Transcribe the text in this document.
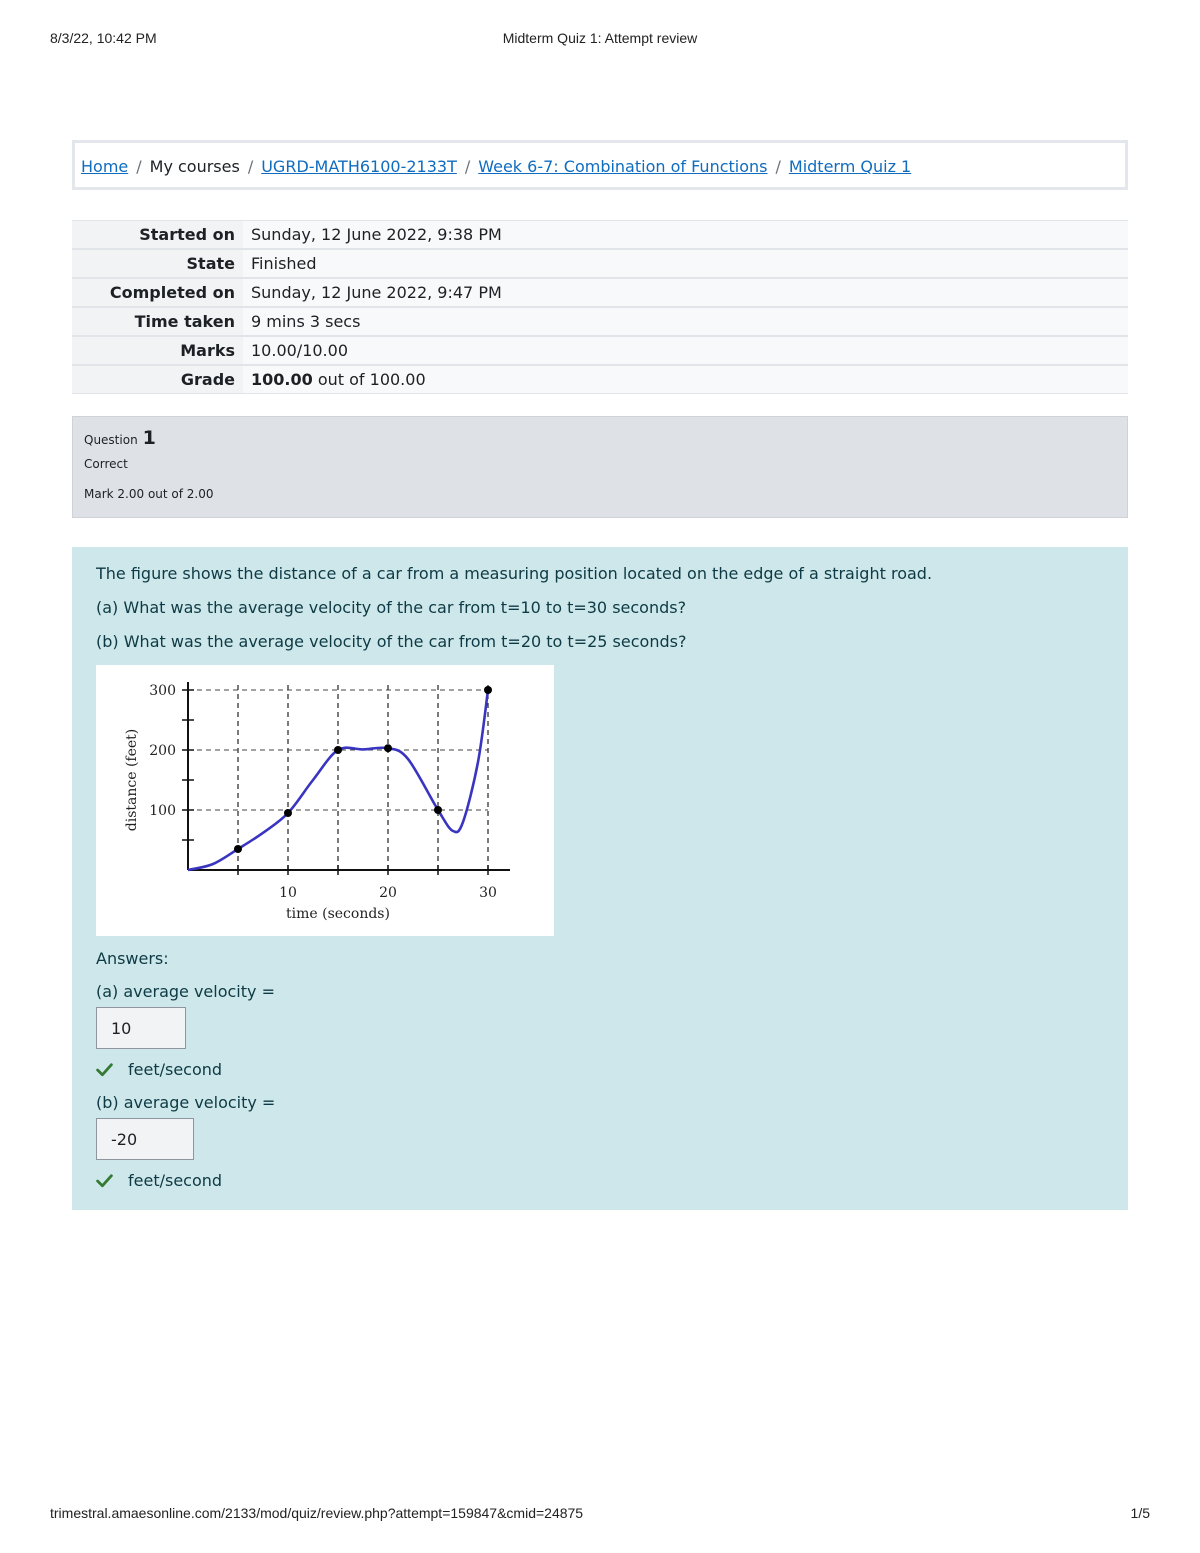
8/3/22, 10:42 PM	Midterm Quiz 1: Attempt review
Home / My courses / UGRD-MATH6100-2133T / Week 6-7: Combination of Functions / Midterm Quiz 1
Started on	Sunday, 12 June 2022, 9:38 PM
State	Finished
Completed on	Sunday, 12 June 2022, 9:47 PM
Time taken	9 mins 3 secs
Marks	10.00/10.00
Grade	100.00 out of 100.00
Question 1
Correct
Mark 2.00 out of 2.00

The figure shows the distance of a car from a measuring position located on the edge of a straight road.

(a) What was the average velocity of the car from t=10 to t=30 seconds?

(b) What was the average velocity of the car from t=20 to t=25 seconds?

10	20	30
100
200
300
time (seconds)
distance (feet)

Answers:

(a) average velocity =
10
feet/second
(b) average velocity =
-20
feet/second
trimestral.amaesonline.com/2133/mod/quiz/review.php?attempt=159847&cmid=24875	1/5
